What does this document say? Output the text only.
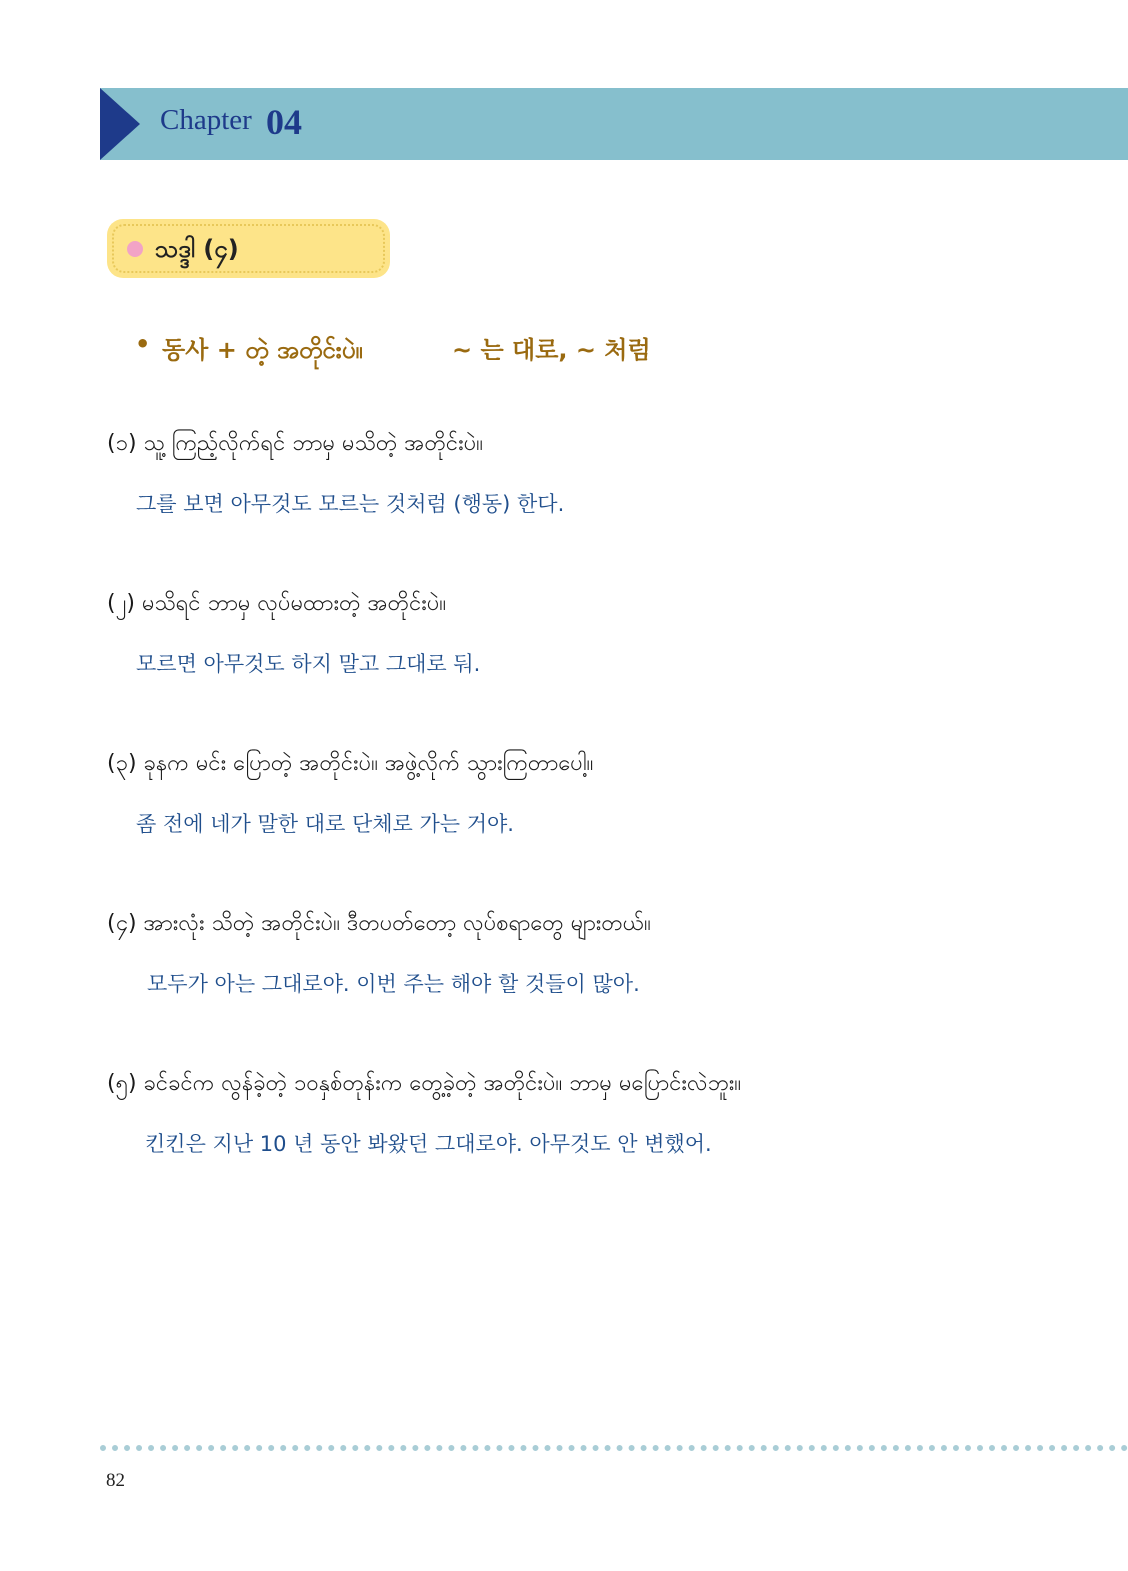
Chapter 04
သဒ္ဒါ (၄)
• 동사 + တဲ့ အတိုင်းပဲ။	~ 는 대로, ~ 처럼
(၁) သူ့ ကြည့်လိုက်ရင် ဘာမှ မသိတဲ့ အတိုင်းပဲ။
그를 보면 아무것도 모르는 것처럼 (행동) 한다.
(၂) မသိရင် ဘာမှ လုပ်မထားတဲ့ အတိုင်းပဲ။
모르면 아무것도 하지 말고 그대로 둬.
(၃) ခုနက မင်း ပြောတဲ့ အတိုင်းပဲ။ အဖွဲ့လိုက် သွားကြတာပေါ့။
좀 전에 네가 말한 대로 단체로 가는 거야.
(၄) အားလုံး သိတဲ့ အတိုင်းပဲ။ ဒီတပတ်တော့ လုပ်စရာတွေ များတယ်။
모두가 아는 그대로야. 이번 주는 해야 할 것들이 많아.
(၅) ခင်ခင်က လွန်ခဲ့တဲ့ ၁၀နှစ်တုန်းက တွေ့ခဲ့တဲ့ အတိုင်းပဲ။ ဘာမှ မပြောင်းလဲဘူး။
킨킨은 지난 10 년 동안 봐왔던 그대로야. 아무것도 안 변했어.
82
